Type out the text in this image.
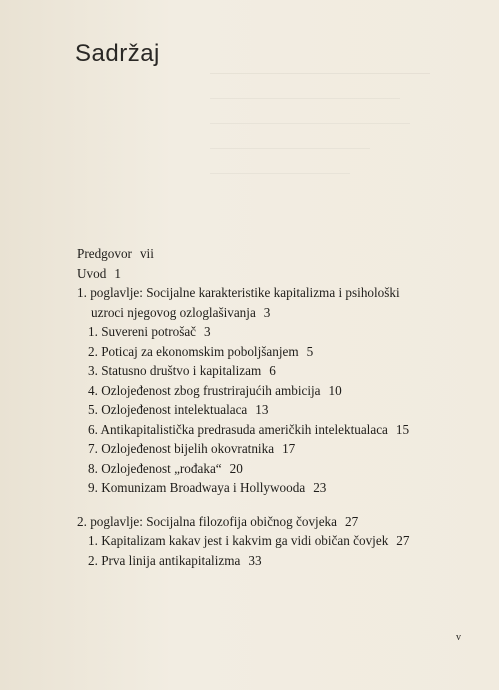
Sadržaj
Predgovor vii
Uvod 1
1. poglavlje: Socijalne karakteristike kapitalizma i psihološki
uzroci njegovog ozloglašivanja 3
1. Suvereni potrošač 3
2. Poticaj za ekonomskim poboljšanjem 5
3. Statusno društvo i kapitalizam 6
4. Ozlojeđenost zbog frustrirajućih ambicija 10
5. Ozlojeđenost intelektualaca 13
6. Antikapitalistička predrasuda američkih intelektualaca 15
7. Ozlojeđenost bijelih okovratnika 17
8. Ozlojeđenost „rođaka“ 20
9. Komunizam Broadwaya i Hollywooda 23
2. poglavlje: Socijalna filozofija običnog čovjeka 27
1. Kapitalizam kakav jest i kakvim ga vidi običan čovjek 27
2. Prva linija antikapitalizma 33
v
